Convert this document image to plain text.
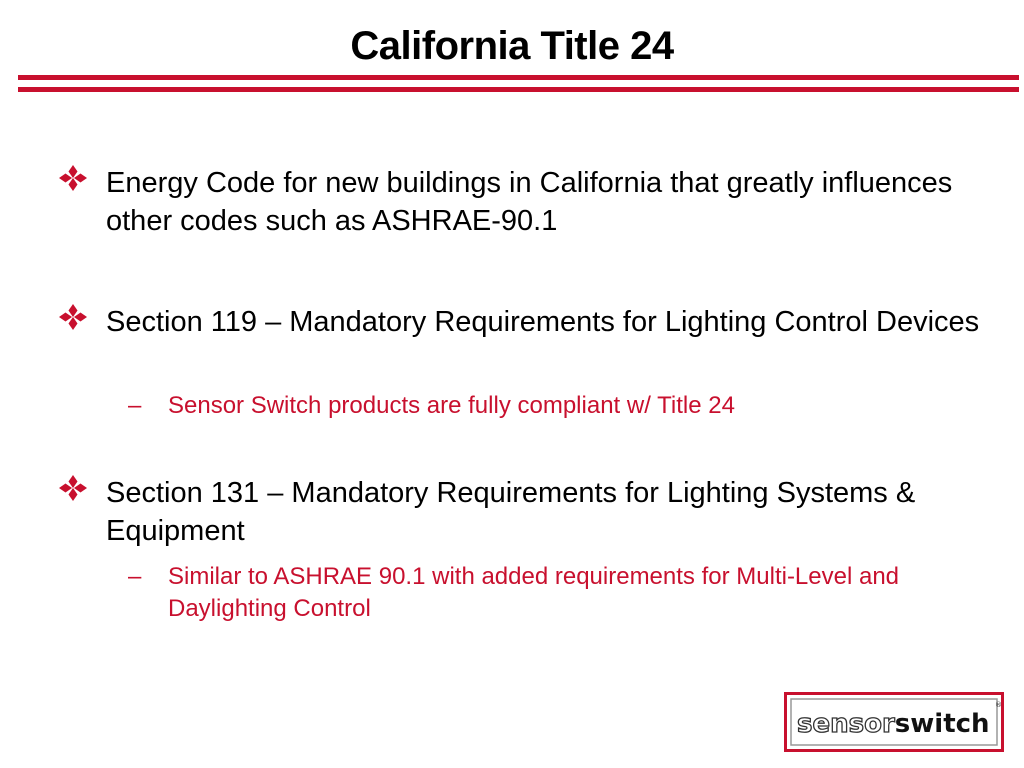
California Title 24
Energy Code for new buildings in California that greatly influences other codes such as ASHRAE-90.1
Section 119 – Mandatory Requirements for Lighting Control Devices
– Sensor Switch products are fully compliant w/ Title 24
Section 131 – Mandatory Requirements for Lighting Systems & Equipment
– Similar to ASHRAE 90.1 with added requirements for Multi-Level and Daylighting Control
sensorswitch
®
